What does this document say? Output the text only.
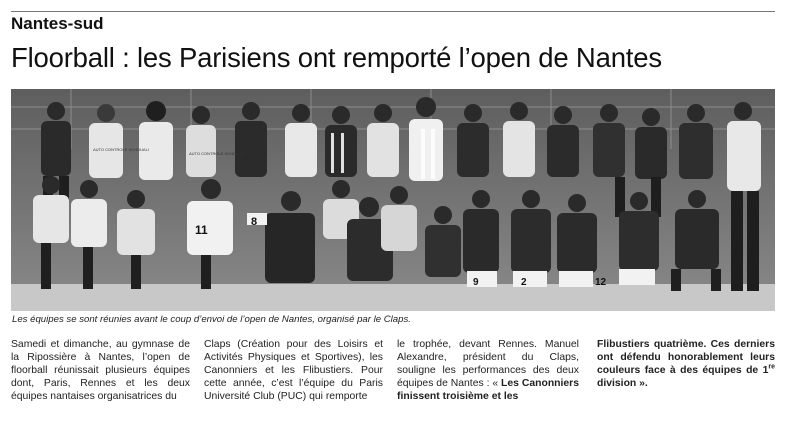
Nantes-sud
Floorball : les Parisiens ont remporté l’open de Nantes
8
11
9	2	12
AUTO CONTROLE SCHOUALI
AUTO CONTROLE SCHOUALI
Les équipes se sont réunies avant le coup d’envoi de l’open de Nantes, organisé par le Claps.

Samedi et dimanche, au gymnase de la Ripossière à Nantes, l’open de floorball réunissait plusieurs équipes dont, Paris, Rennes et les deux équipes nantaises organisatrices du

Claps (Création pour des Loisirs et Activités Physiques et Sportives), les Canonniers et les Flibustiers. Pour cette année, c’est l’équipe du Paris Université Club (PUC) qui remporte

le trophée, devant Rennes. Manuel Alexandre, président du Claps, souligne les performances des deux équipes de Nantes : « Les Canonniers finissent troisième et les

Flibustiers quatrième. Ces derniers ont défendu honorablement leurs couleurs face à des équipes de 1re division ».
